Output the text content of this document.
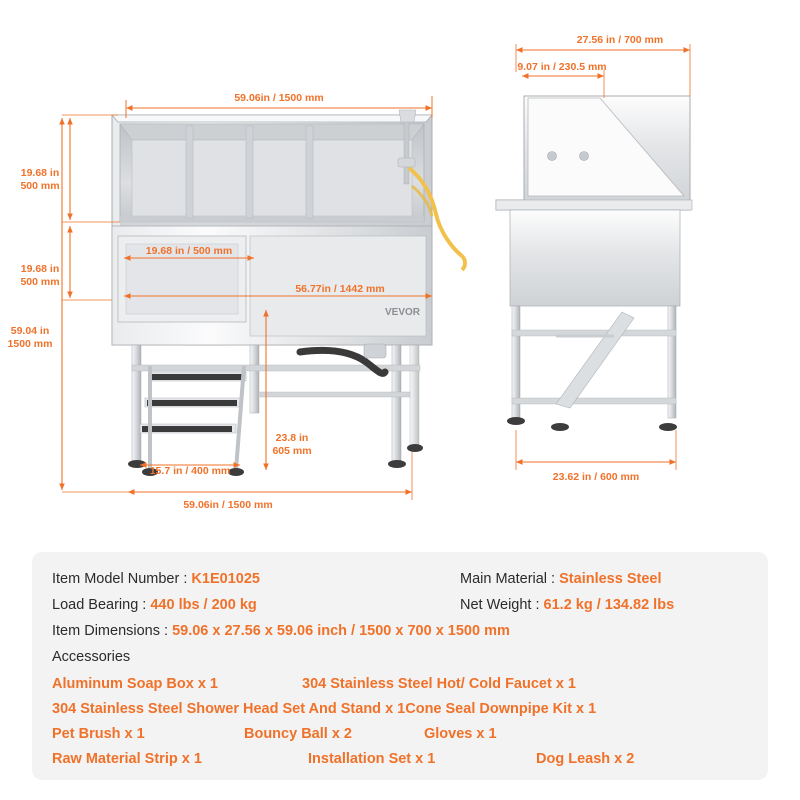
VEVOR
59.06in / 1500 mm
19.68 in
500 mm
19.68 in
500 mm
59.04 in
1500 mm
19.68 in / 500 mm
56.77in / 1442 mm
15.7 in / 400 mm
23.8 in
605 mm
59.06in / 1500 mm
27.56 in / 700 mm
9.07 in / 230.5 mm
23.62 in / 600 mm
Item Model Number : K1E01025	Main Material : Stainless Steel
Load Bearing : 440 lbs / 200 kg	Net Weight : 61.2 kg / 134.82 lbs
Item Dimensions : 59.06 x 27.56 x 59.06 inch / 1500 x 700 x 1500 mm
Accessories
Aluminum Soap Box x 1	304 Stainless Steel Hot/ Cold Faucet x 1
304 Stainless Steel Shower Head Set And Stand x 1 Cone Seal Downpipe Kit x 1
Pet Brush x 1	Bouncy Ball x 2	Gloves x 1
Raw Material Strip x 1	Installation Set x 1	Dog Leash x 2
